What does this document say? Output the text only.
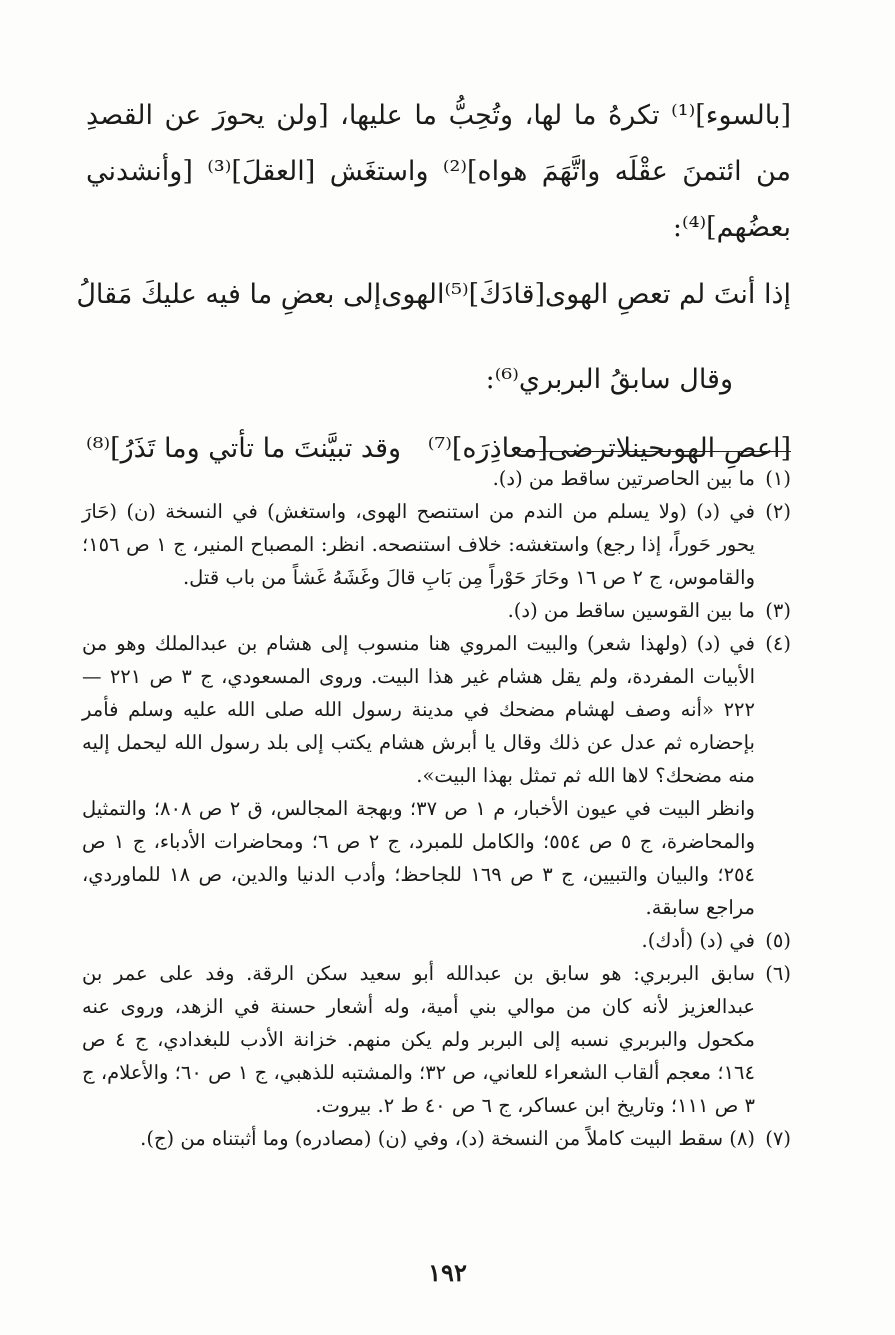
[بالسوء]⁽¹⁾ تكرهُ ما لها، وتُحِبُّ ما عليها، [ولن يحورَ عن القصدِ من ائتمنَ عقْلَه واتَّهَمَ هواه]⁽²⁾ واستغَش [العقلَ]⁽³⁾ [وأنشدني بعضُهم]⁽⁴⁾:

إذا أنتَ لم تعصِ الهوى[قادَكَ]⁽⁵⁾الهوى
إلى بعضِ ما فيه عليكَ مَقالُ
وقال سابقُ البربري⁽⁶⁾:
[اعصِ الهوىحينلاترضى[معاذِرَه]⁽⁷⁾
وقد تبيَّنتَ ما تأتي وما تَذَرُ]⁽⁸⁾
(١)

ما بين الحاصرتين ساقط من (د).

(٢)

في (د) (ولا يسلم من الندم من استنصح الهوى، واستغش) في النسخة (ن) (حَارَ يحور حَوراً، إذا رجع) واستغشه: خلاف استنصحه. انظر: المصباح المنير، ج ١ ص ١٥٦؛ والقاموس، ج ٢ ص ١٦ وحَارَ حَوْراً مِن بَابِ قالَ وغَشَهُ غَشاً من باب قتل.

(٣)

ما بين القوسين ساقط من (د).

(٤)

في (د) (ولهذا شعر) والبيت المروي هنا منسوب إلى هشام بن عبدالملك وهو من الأبيات المفردة، ولم يقل هشام غير هذا البيت. وروى المسعودي، ج ٣ ص ٢٢١ — ٢٢٢ «أنه وصف لهشام مضحك في مدينة رسول الله صلى الله عليه وسلم فأمر بإحضاره ثم عدل عن ذلك وقال يا أبرش هشام يكتب إلى بلد رسول الله ليحمل إليه منه مضحك؟ لاها الله ثم تمثل بهذا البيت».

وانظر البيت في عيون الأخبار، م ١ ص ٣٧؛ وبهجة المجالس، ق ٢ ص ٨٠٨؛ والتمثيل والمحاضرة، ج ٥ ص ٥٥٤؛ والكامل للمبرد، ج ٢ ص ٦؛ ومحاضرات الأدباء، ج ١ ص ٢٥٤؛ والبيان والتبيين، ج ٣ ص ١٦٩ للجاحظ؛ وأدب الدنيا والدين، ص ١٨ للماوردي، مراجع سابقة.

(٥)

في (د) (أدك).

(٦)

سابق البربري: هو سابق بن عبدالله أبو سعيد سكن الرقة. وفد على عمر بن عبدالعزيز لأنه كان من موالي بني أمية، وله أشعار حسنة في الزهد، وروى عنه مكحول والبربري نسبه إلى البربر ولم يكن منهم. خزانة الأدب للبغدادي، ج ٤ ص ١٦٤؛ معجم ألقاب الشعراء للعاني، ص ٣٢؛ والمشتبه للذهبي، ج ١ ص ٦٠؛ والأعلام، ج ٣ ص ١١١؛ وتاريخ ابن عساكر، ج ٦ ص ٤٠ ط ٢. بيروت.

(٧)

(٨) سقط البيت كاملاً من النسخة (د)، وفي (ن) (مصادره) وما أثبتناه من (ج).

١٩٢
